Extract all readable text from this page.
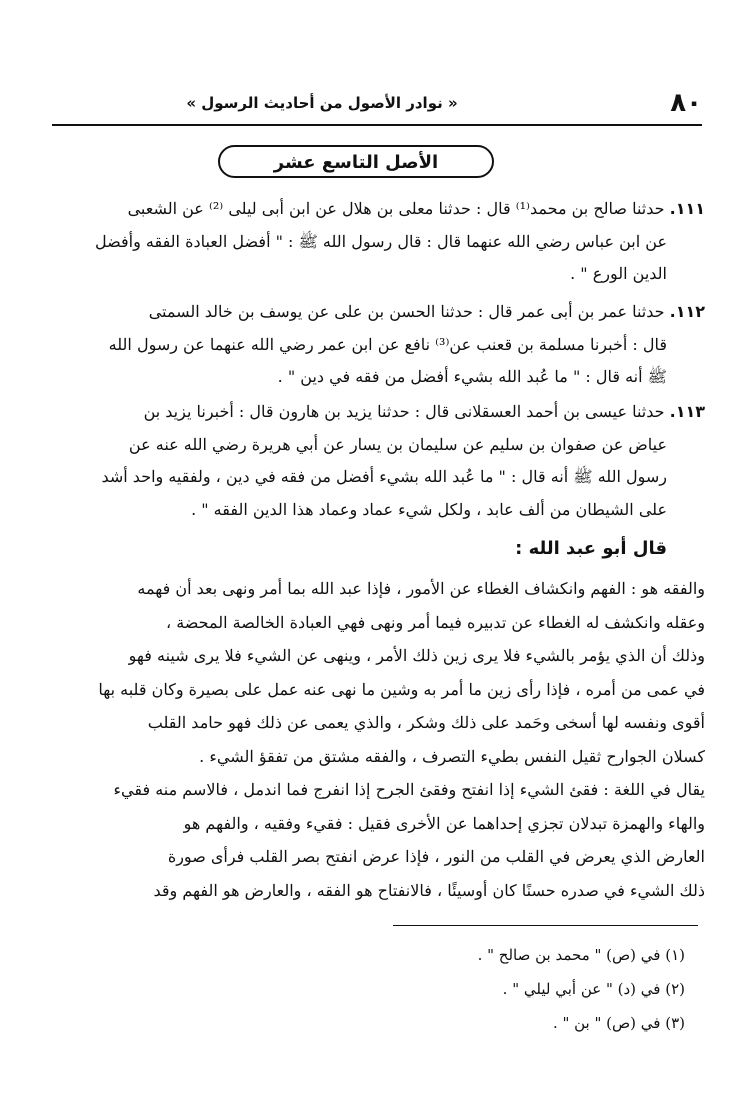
٨٠
« نوادر الأصول من أحاديث الرسول »
الأصل التاسع عشر
١١١. حدثنا صالح بن محمد⁽¹⁾ قال : حدثنا معلى بن هلال عن ابن أبى ليلى ⁽²⁾ عن الشعبى
عن ابن عباس رضي الله عنهما قال : قال رسول الله ﷺ : " أفضل العبادة الفقه وأفضل
الدين الورع " .
١١٢. حدثنا عمر بن أبى عمر قال : حدثنا الحسن بن على عن يوسف بن خالد السمتى
قال : أخبرنا مسلمة بن قعنب عن⁽³⁾ نافع عن ابن عمر رضي الله عنهما عن رسول الله
ﷺ أنه قال : " ما عُبد الله بشيء أفضل من فقه في دين " .
١١٣. حدثنا عيسى بن أحمد العسقلانى قال : حدثنا يزيد بن هارون قال : أخبرنا يزيد بن
عياض عن صفوان بن سليم عن سليمان بن يسار عن أبي هريرة رضي الله عنه عن
رسول الله ﷺ أنه قال : " ما عُبد الله بشيء أفضل من فقه في دين ، ولفقيه واحد أشد
على الشيطان من ألف عابد ، ولكل شيء عماد وعماد هذا الدين الفقه " .
قال أبو عبد الله :
والفقه هو : الفهم وانكشاف الغطاء عن الأمور ، فإذا عبد الله بما أمر ونهى بعد أن فهمه
وعقله وانكشف له الغطاء عن تدبيره فيما أمر ونهى فهي العبادة الخالصة المحضة ،
وذلك أن الذي يؤمر بالشيء فلا يرى زين ذلك الأمر ، وينهى عن الشيء فلا يرى شينه فهو
في عمى من أمره ، فإذا رأى زين ما أمر به وشين ما نهى عنه عمل على بصيرة وكان قلبه بها
أقوى ونفسه لها أسخى وحَمد على ذلك وشكر ، والذي يعمى عن ذلك فهو حامد القلب
كسلان الجوارح ثقيل النفس بطيء التصرف ، والفقه مشتق من تفقؤ الشيء .
يقال في اللغة : فقئ الشيء إذا انفتح وفقئ الجرح إذا انفرج فما اندمل ، فالاسم منه فقيء
والهاء والهمزة تبدلان تجزي إحداهما عن الأخرى فقيل : فقيء وفقيه ، والفهم هو
العارض الذي يعرض في القلب من النور ، فإذا عرض انفتح بصر القلب فرأى صورة
ذلك الشيء في صدره حسنًا كان أوسيئًا ، فالانفتاح هو الفقه ، والعارض هو الفهم وقد
(١) في (ص) " محمد بن صالح " .
(٢) في (د) " عن أبي ليلي " .
(٣) في (ص) " بن " .
